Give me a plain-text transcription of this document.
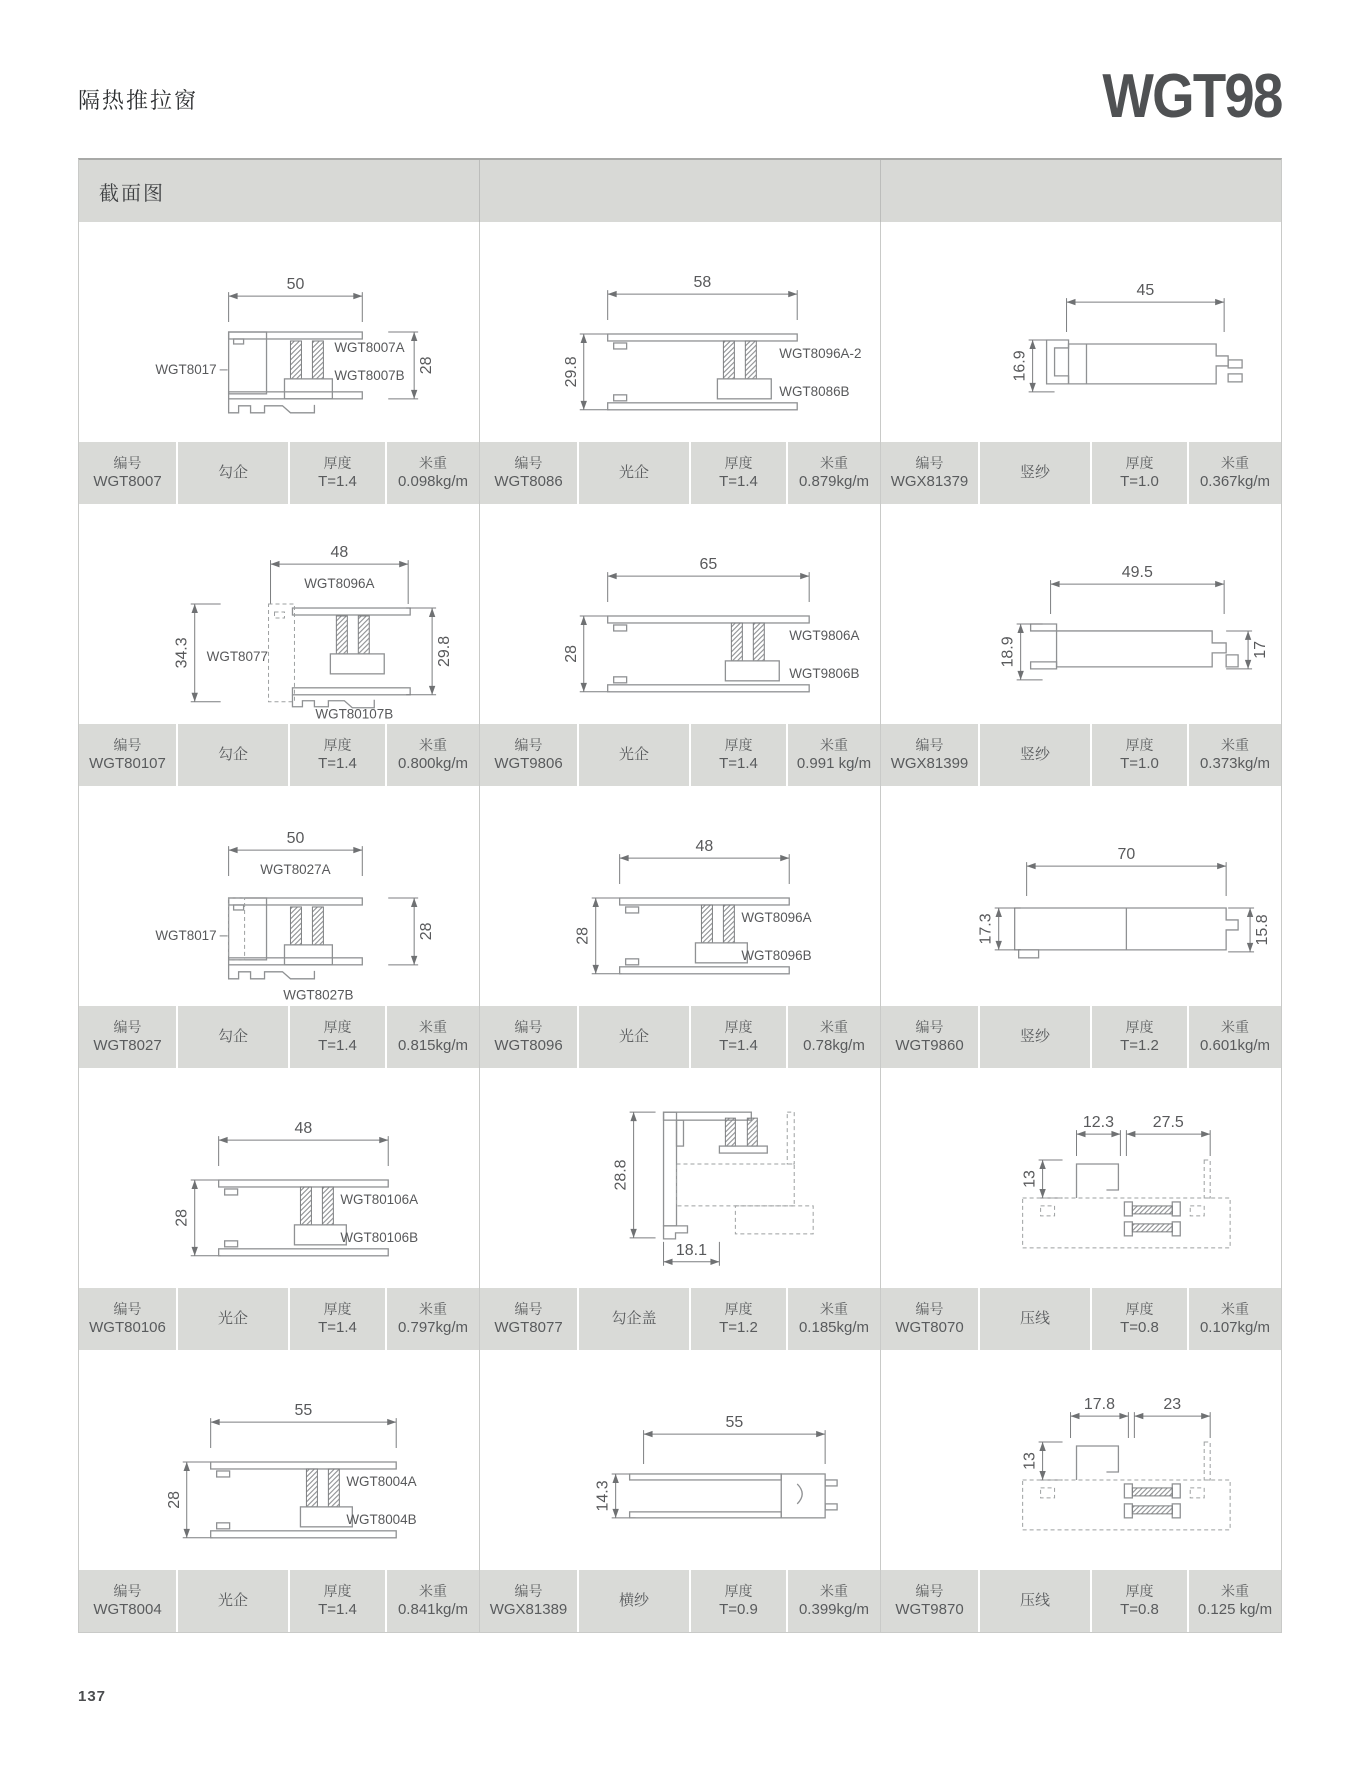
隔热推拉窗	WGT98
截面图
50
28
WGT8017
WGT8007A
WGT8007B
58
29.8
WGT8096A-2
WGT8086B
45
16.9
编号
WGT8007
勾企
厚度
T=1.4
米重
0.098kg/m
编号
WGT8086
光企
厚度
T=1.4
米重
0.879kg/m
编号
WGX81379
竖纱
厚度
T=1.0
米重
0.367kg/m
48
WGT8096A
34.3 WGT8077	29.8
WGT80107B
65
28
WGT9806A
WGT9806B
49.5
18.9	17
编号
WGT80107
勾企
厚度
T=1.4
米重
0.800kg/m
编号
WGT9806
光企
厚度
T=1.4
米重
0.991 kg/m
编号
WGX81399
竖纱
厚度
T=1.0
米重
0.373kg/m
50
WGT8027A
28
WGT8017
WGT8027B
48
28
WGT8096A
WGT8096B
70
17.3	15.8
编号
WGT8027
勾企
厚度
T=1.4
米重
0.815kg/m
编号
WGT8096
光企
厚度
T=1.4
米重
0.78kg/m
编号
WGT9860
竖纱
厚度
T=1.2
米重
0.601kg/m
48
28
WGT80106A
WGT80106B
28.8
18.1
12.3 27.5
13
编号
WGT80106
光企
厚度
T=1.4
米重
0.797kg/m
编号
WGT8077
勾企盖
厚度
T=1.2
米重
0.185kg/m
编号
WGT8070
压线
厚度
T=0.8
米重
0.107kg/m
55
28
WGT8004A
WGT8004B
55
14.3
17.8	23
13
编号
WGT8004
光企
厚度
T=1.4
米重
0.841kg/m
编号
WGX81389
横纱
厚度
T=0.9
米重
0.399kg/m
编号
WGT9870
压线
厚度
T=0.8
米重
0.125 kg/m
137
